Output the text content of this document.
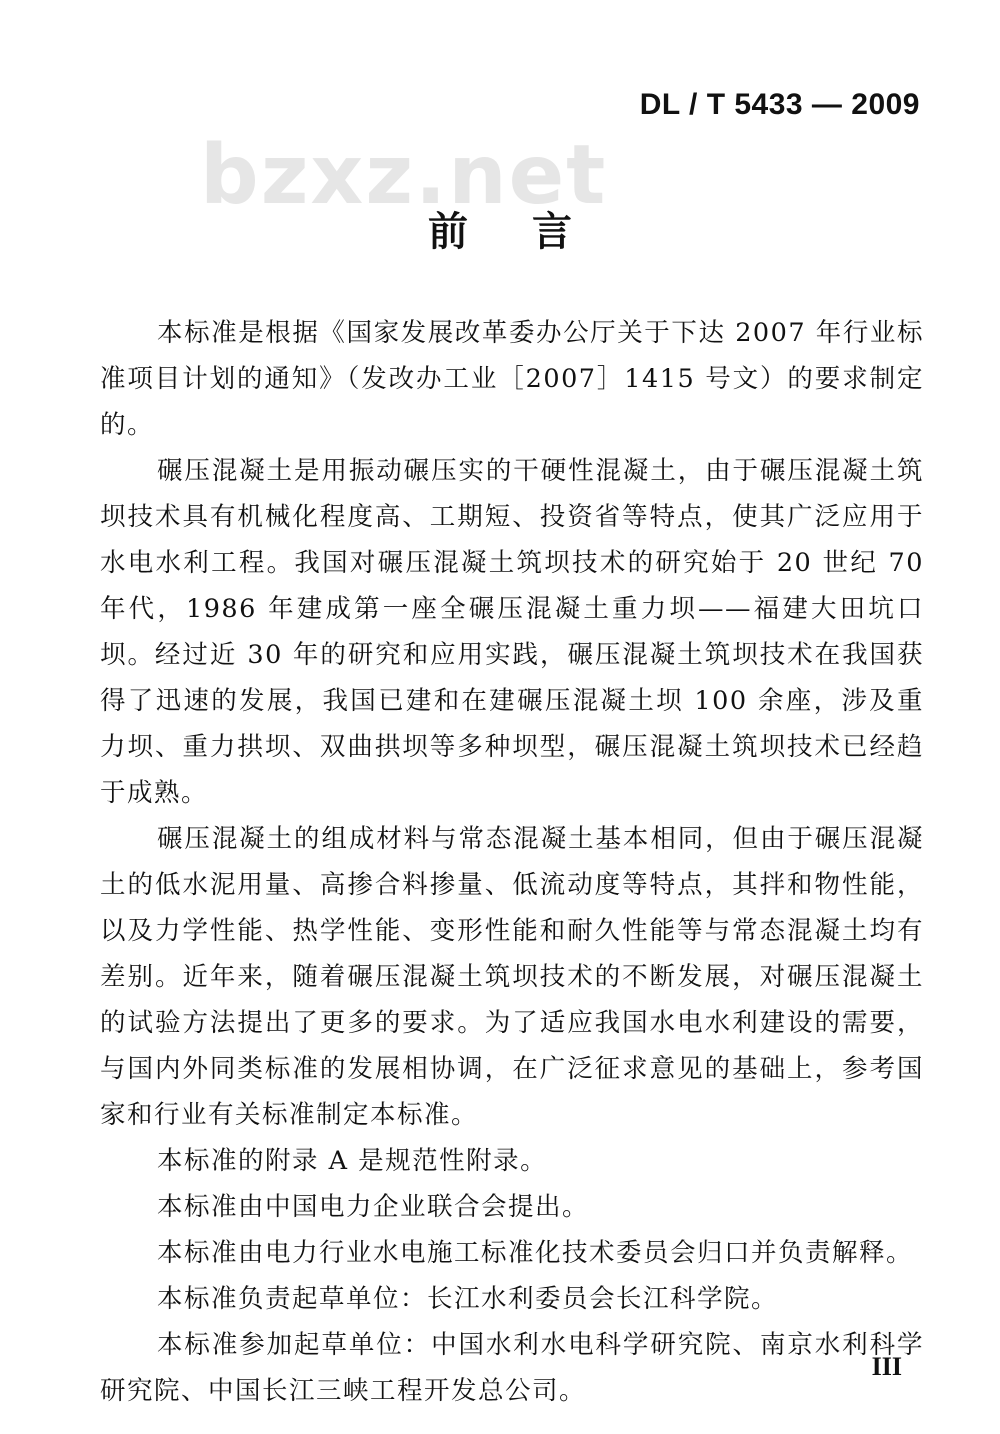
DL / T 5433 — 2009
bzxz.net
前言

本标准是根据《国家发展改革委办公厅关于下达 2007 年行业标准项目计划的通知》（发改办工业［2007］1415 号文）的要求制定的。

碾压混凝土是用振动碾压实的干硬性混凝土，由于碾压混凝土筑坝技术具有机械化程度高、工期短、投资省等特点，使其广泛应用于水电水利工程。我国对碾压混凝土筑坝技术的研究始于 20 世纪 70 年代，1986 年建成第一座全碾压混凝土重力坝——福建大田坑口坝。经过近 30 年的研究和应用实践，碾压混凝土筑坝技术在我国获得了迅速的发展，我国已建和在建碾压混凝土坝 100 余座，涉及重力坝、重力拱坝、双曲拱坝等多种坝型，碾压混凝土筑坝技术已经趋于成熟。

碾压混凝土的组成材料与常态混凝土基本相同，但由于碾压混凝土的低水泥用量、高掺合料掺量、低流动度等特点，其拌和物性能，以及力学性能、热学性能、变形性能和耐久性能等与常态混凝土均有差别。近年来，随着碾压混凝土筑坝技术的不断发展，对碾压混凝土的试验方法提出了更多的要求。为了适应我国水电水利建设的需要，与国内外同类标准的发展相协调，在广泛征求意见的基础上，参考国家和行业有关标准制定本标准。

本标准的附录 A 是规范性附录。

本标准由中国电力企业联合会提出。

本标准由电力行业水电施工标准化技术委员会归口并负责解释。

本标准负责起草单位：长江水利委员会长江科学院。

本标准参加起草单位：中国水利水电科学研究院、南京水利科学研究院、中国长江三峡工程开发总公司。

III
